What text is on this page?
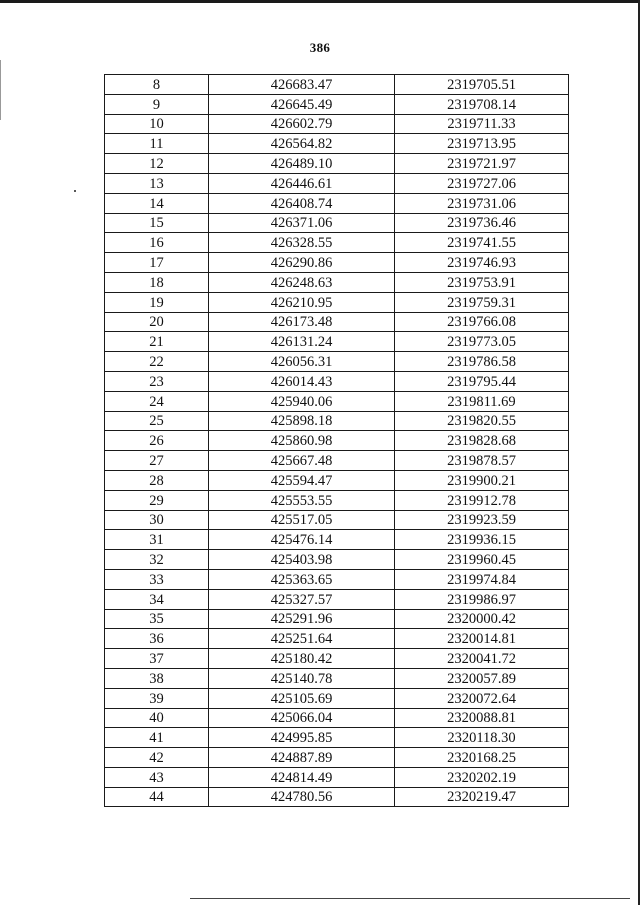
386
8	426683.47	2319705.51
9	426645.49	2319708.14
10	426602.79	2319711.33
11	426564.82	2319713.95
12	426489.10	2319721.97
13	426446.61	2319727.06
14	426408.74	2319731.06
15	426371.06	2319736.46
16	426328.55	2319741.55
17	426290.86	2319746.93
18	426248.63	2319753.91
19	426210.95	2319759.31
20	426173.48	2319766.08
21	426131.24	2319773.05
22	426056.31	2319786.58
23	426014.43	2319795.44
24	425940.06	2319811.69
25	425898.18	2319820.55
26	425860.98	2319828.68
27	425667.48	2319878.57
28	425594.47	2319900.21
29	425553.55	2319912.78
30	425517.05	2319923.59
31	425476.14	2319936.15
32	425403.98	2319960.45
33	425363.65	2319974.84
34	425327.57	2319986.97
35	425291.96	2320000.42
36	425251.64	2320014.81
37	425180.42	2320041.72
38	425140.78	2320057.89
39	425105.69	2320072.64
40	425066.04	2320088.81
41	424995.85	2320118.30
42	424887.89	2320168.25
43	424814.49	2320202.19
44	424780.56	2320219.47
